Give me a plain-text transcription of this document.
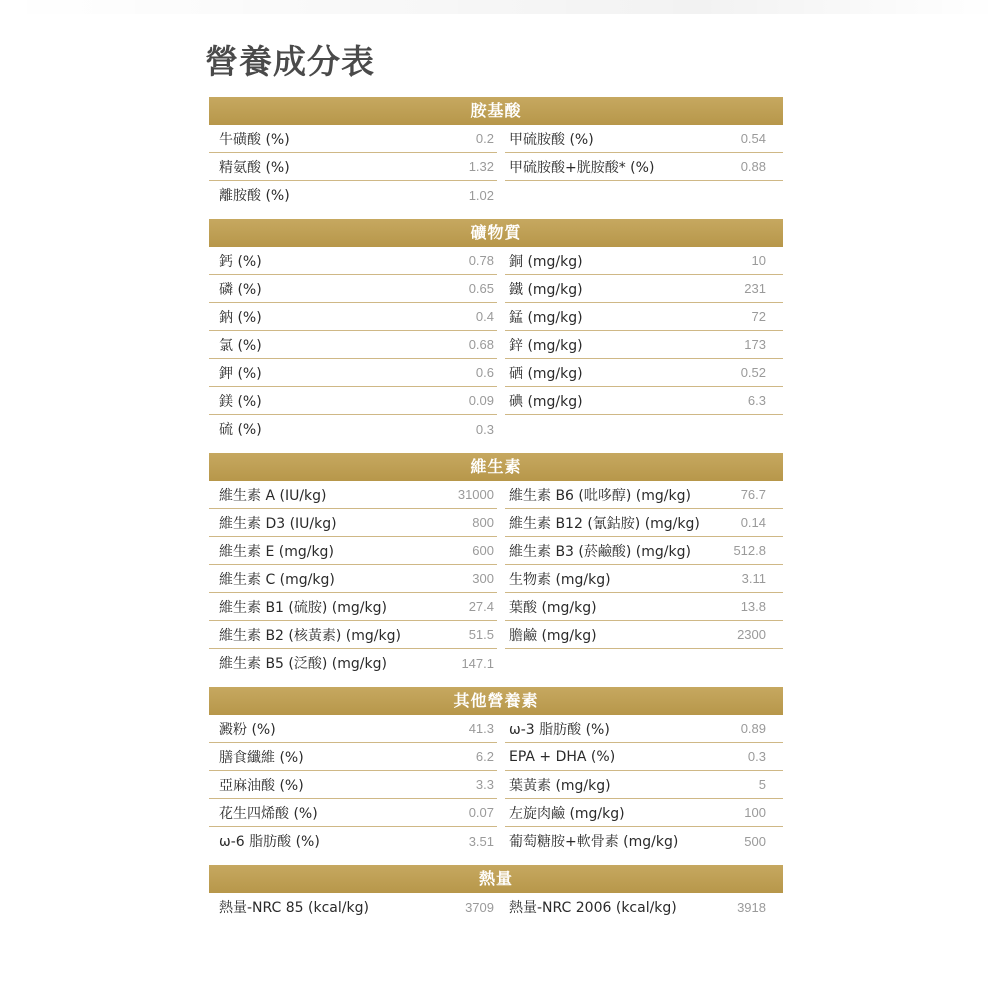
營養成分表
胺基酸
牛磺酸 (%)	0.2 甲硫胺酸 (%)	0.54
精氨酸 (%)	1.32 甲硫胺酸+胱胺酸* (%)	0.88
離胺酸 (%)	1.02
礦物質
鈣 (%)	0.78 銅 (mg/kg)	10
磷 (%)	0.65 鐵 (mg/kg)	231
鈉 (%)	0.4 錳 (mg/kg)	72
氯 (%)	0.68 鋅 (mg/kg)	173
鉀 (%)	0.6 硒 (mg/kg)	0.52
鎂 (%)	0.09 碘 (mg/kg)	6.3
硫 (%)	0.3
維生素
維生素 A (IU/kg)	31000 維生素 B6 (吡哆醇) (mg/kg)	76.7
維生素 D3 (IU/kg)	800 維生素 B12 (氰鈷胺) (mg/kg)	0.14
維生素 E (mg/kg)	600 維生素 B3 (菸鹼酸) (mg/kg)	512.8
維生素 C (mg/kg)	300 生物素 (mg/kg)	3.11
維生素 B1 (硫胺) (mg/kg)	27.4 葉酸 (mg/kg)	13.8
維生素 B2 (核黃素) (mg/kg)	51.5 膽鹼 (mg/kg)	2300
維生素 B5 (泛酸) (mg/kg)	147.1
其他營養素
澱粉 (%)	41.3 ω-3 脂肪酸 (%)	0.89
膳食纖維 (%)	6.2 EPA + DHA (%)	0.3
亞麻油酸 (%)	3.3 葉黃素 (mg/kg)	5
花生四烯酸 (%)	0.07 左旋肉鹼 (mg/kg)	100
ω-6 脂肪酸 (%)	3.51 葡萄糖胺+軟骨素 (mg/kg)	500
熱量
熱量-NRC 85 (kcal/kg)	3709 熱量-NRC 2006 (kcal/kg)	3918
